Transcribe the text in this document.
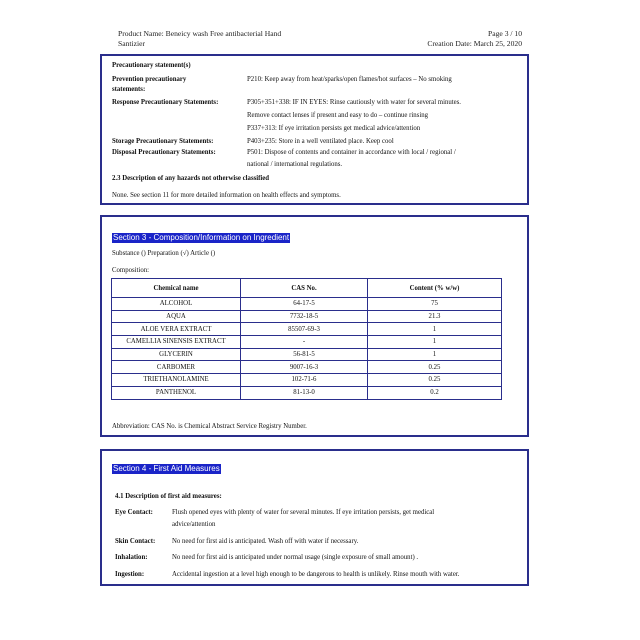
Product Name: Beneicy wash Free antibacterial Hand
Santizier
Page 3 / 10
Creation Date: March 25, 2020
Precautionary statement(s)
Prevention precautionary
statements:
P210: Keep away from heat/sparks/open flames/hot surfaces – No smoking
Response Precautionary Statements:	P305+351+338: IF IN EYES: Rinse cautiously with water for several minutes.
Remove contact lenses if present and easy to do – continue rinsing
P337+313: If eye irritation persists get medical advice/attention
Storage Precautionary Statements:	P403+235: Store in a well ventilated place. Keep cool
Disposal Precautionary Statements:	P501: Dispose of contents and container in accordance with local / regional /
national / international regulations.
2.3 Description of any hazards not otherwise classified
None. See section 11 for more detailed information on health effects and symptoms.
Section 3 - Composition/Information on Ingredient
Substance () Preparation (√) Article ()
Composition:
Chemical name	CAS No.	Content (% w/w)
ALCOHOL	64-17-5	75
AQUA	7732-18-5	21.3
ALOE VERA EXTRACT	85507-69-3	1
CAMELLIA SINENSIS EXTRACT	-	1
GLYCERIN	56-81-5	1
CARBOMER	9007-16-3	0.25
TRIETHANOLAMINE	102-71-6	0.25
PANTHENOL	81-13-0	0.2
Abbreviation: CAS No. is Chemical Abstract Service Registry Number.
Section 4 - First Aid Measures
4.1 Description of first aid measures:
Eye Contact:	Flush opened eyes with plenty of water for several minutes. If eye irritation persists, get medical
advice/attention
Skin Contact: No need for first aid is anticipated. Wash off with water if necessary.
Inhalation:	No need for first aid is anticipated under normal usage (single exposure of small amount) .
Ingestion:	Accidental ingestion at a level high enough to be dangerous to health is unlikely. Rinse mouth with water.
